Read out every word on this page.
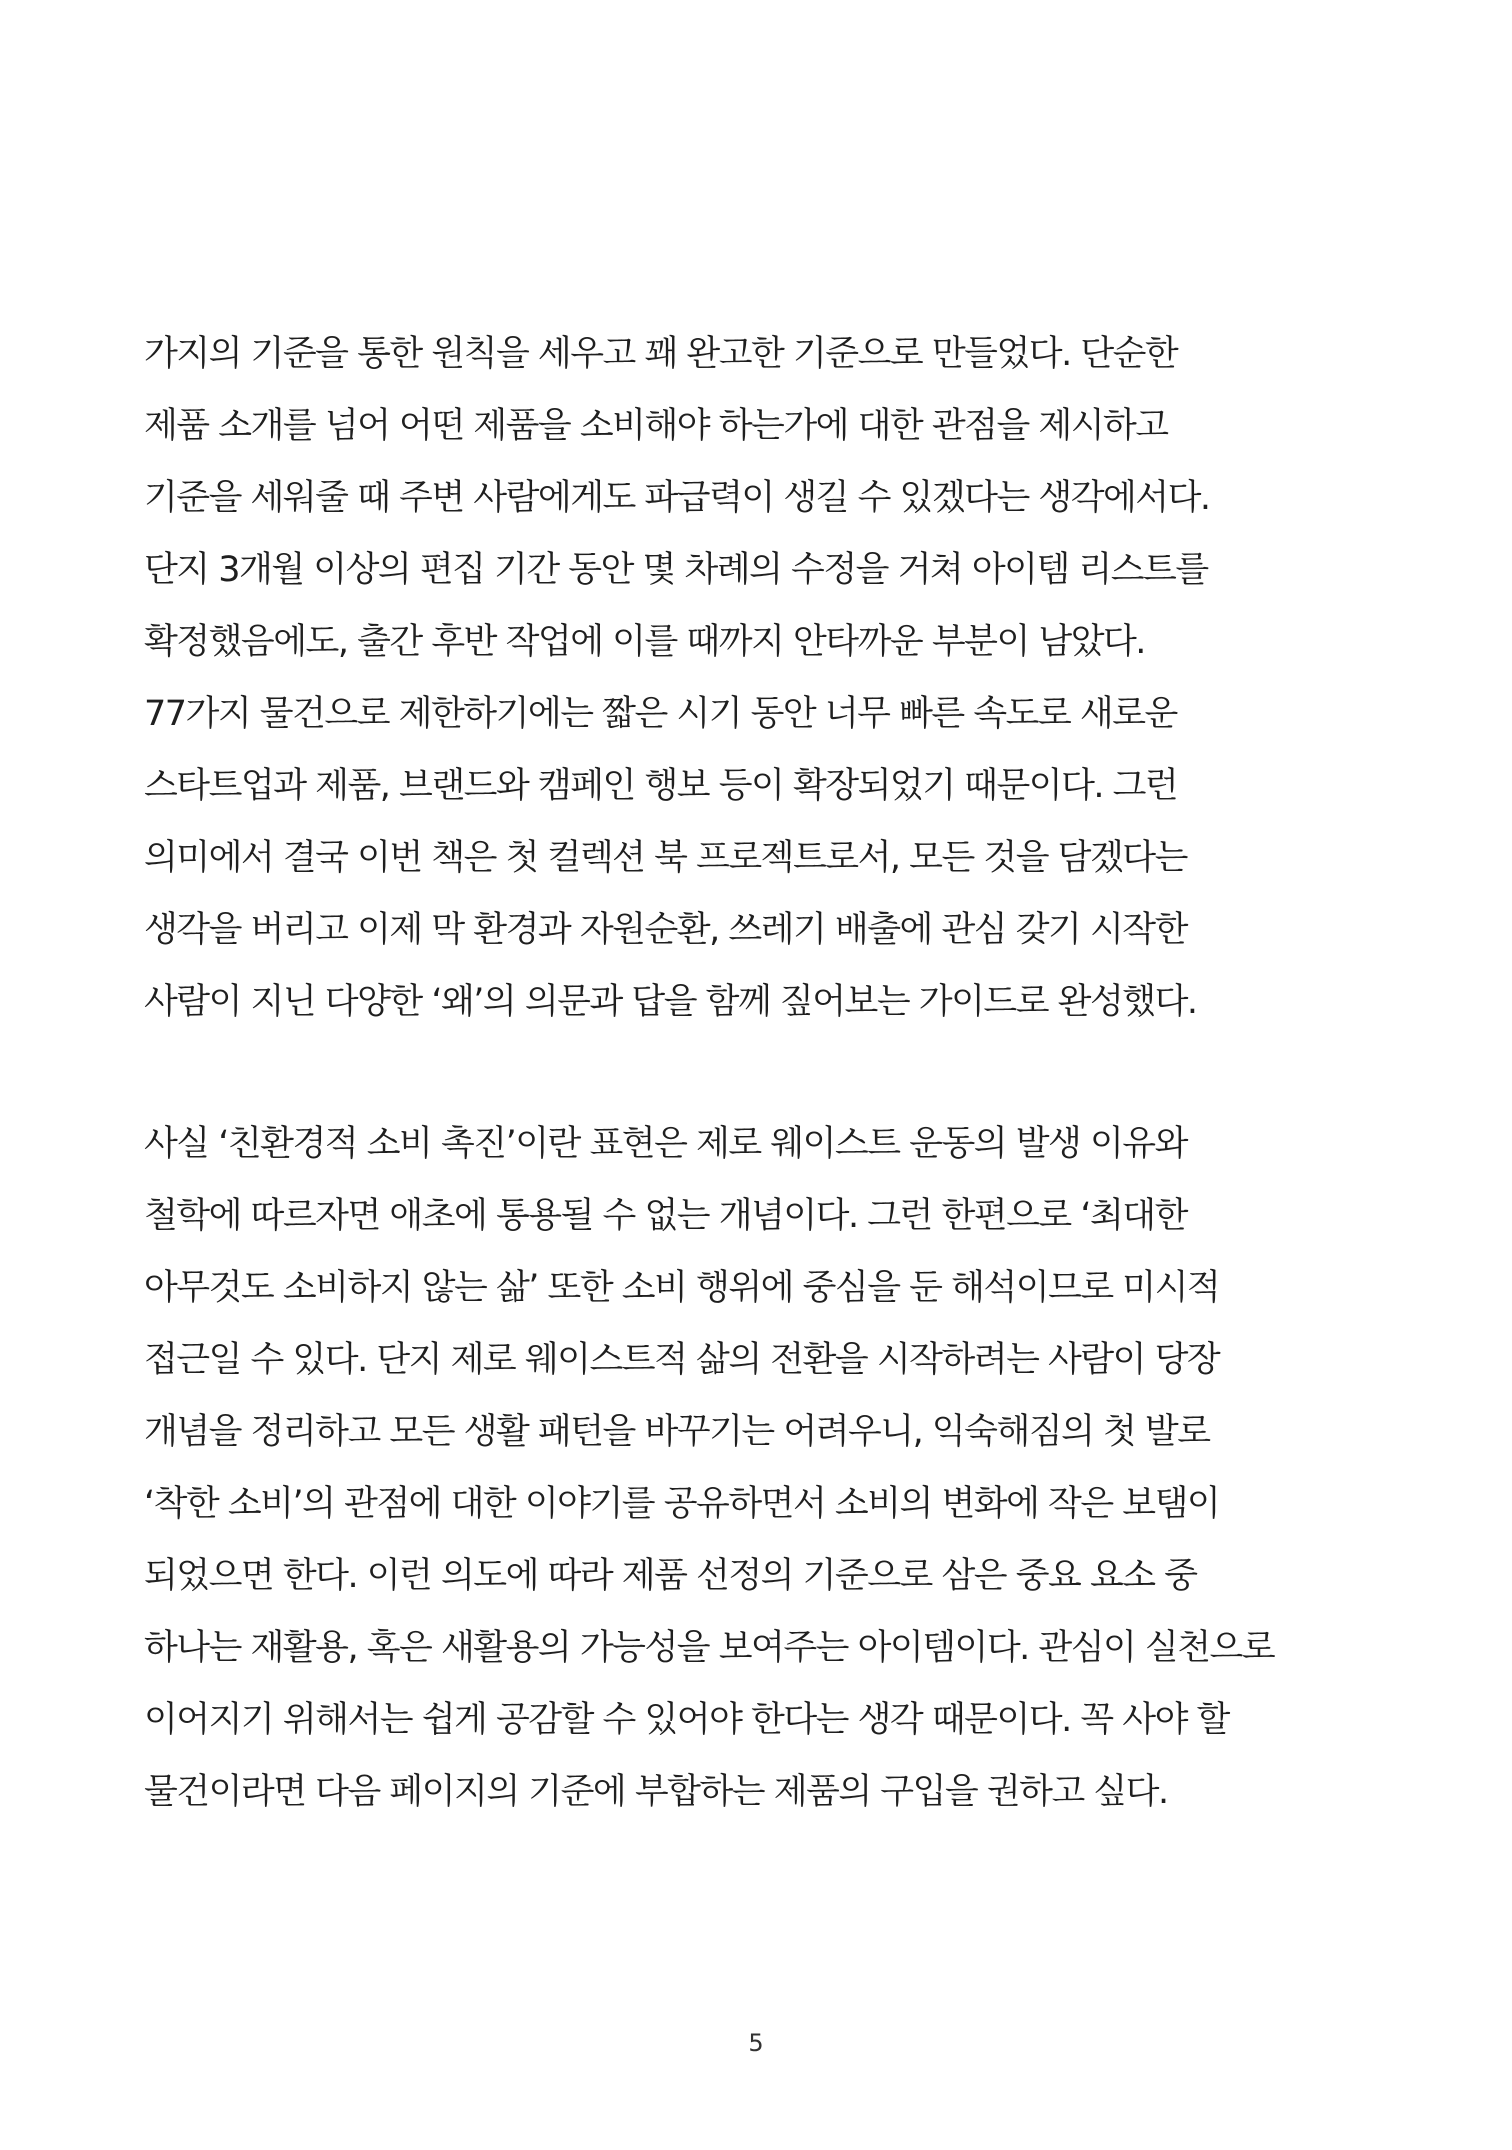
가지의 기준을 통한 원칙을 세우고 꽤 완고한 기준으로 만들었다. 단순한
제품 소개를 넘어 어떤 제품을 소비해야 하는가에 대한 관점을 제시하고
기준을 세워줄 때 주변 사람에게도 파급력이 생길 수 있겠다는 생각에서다.
단지 3개월 이상의 편집 기간 동안 몇 차례의 수정을 거쳐 아이템 리스트를
확정했음에도, 출간 후반 작업에 이를 때까지 안타까운 부분이 남았다.
77가지 물건으로 제한하기에는 짧은 시기 동안 너무 빠른 속도로 새로운
스타트업과 제품, 브랜드와 캠페인 행보 등이 확장되었기 때문이다. 그런
의미에서 결국 이번 책은 첫 컬렉션 북 프로젝트로서, 모든 것을 담겠다는
생각을 버리고 이제 막 환경과 자원순환, 쓰레기 배출에 관심 갖기 시작한
사람이 지닌 다양한 ‘왜’의 의문과 답을 함께 짚어보는 가이드로 완성했다.
사실 ‘친환경적 소비 촉진’이란 표현은 제로 웨이스트 운동의 발생 이유와
철학에 따르자면 애초에 통용될 수 없는 개념이다. 그런 한편으로 ‘최대한
아무것도 소비하지 않는 삶’ 또한 소비 행위에 중심을 둔 해석이므로 미시적
접근일 수 있다. 단지 제로 웨이스트적 삶의 전환을 시작하려는 사람이 당장
개념을 정리하고 모든 생활 패턴을 바꾸기는 어려우니, 익숙해짐의 첫 발로
‘착한 소비’의 관점에 대한 이야기를 공유하면서 소비의 변화에 작은 보탬이
되었으면 한다. 이런 의도에 따라 제품 선정의 기준으로 삼은 중요 요소 중
하나는 재활용, 혹은 새활용의 가능성을 보여주는 아이템이다. 관심이 실천으로
이어지기 위해서는 쉽게 공감할 수 있어야 한다는 생각 때문이다. 꼭 사야 할
물건이라면 다음 페이지의 기준에 부합하는 제품의 구입을 권하고 싶다.
5
